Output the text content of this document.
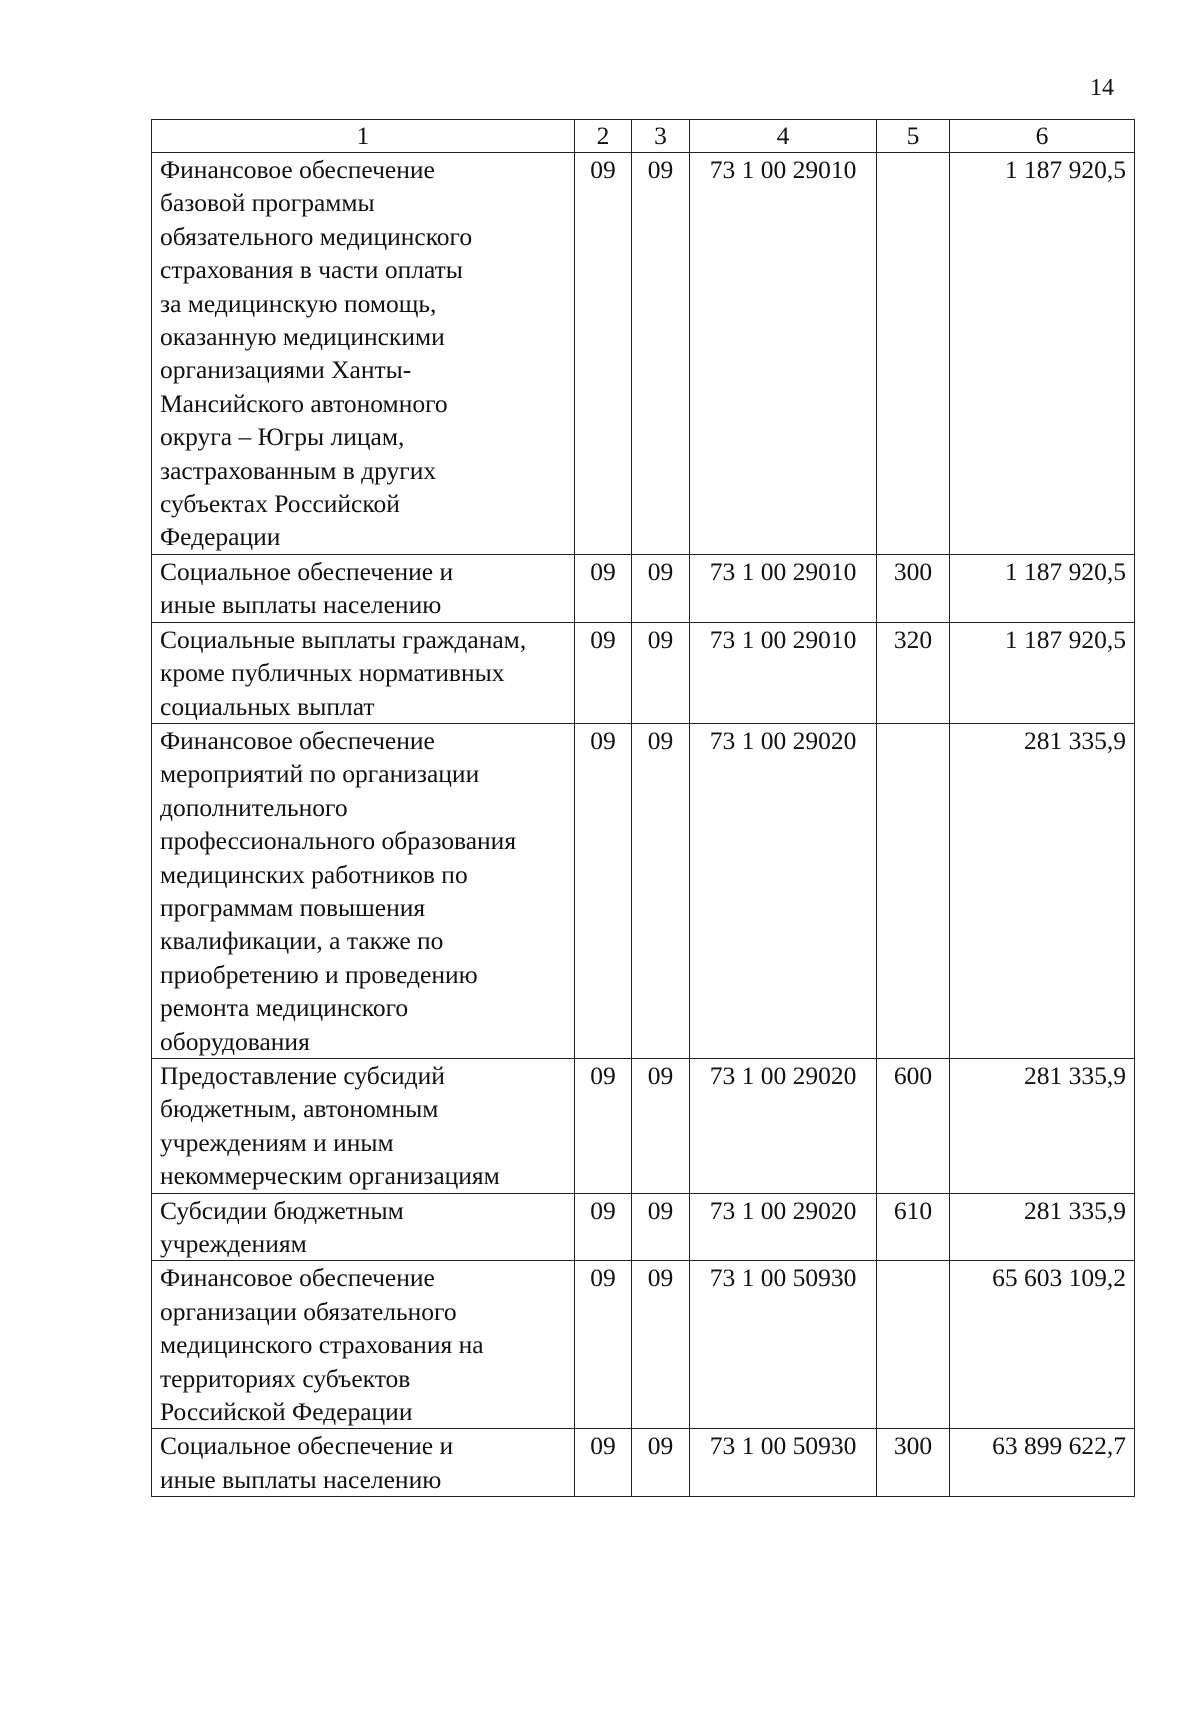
14
1	2	3	4	5	6

Финансовое обеспечение базовой программы обязательного медицинского страхования в части оплаты за медицинскую помощь, оказанную медицинскими организациями Ханты-Мансийского автономного округа – Югры лицам, застрахованным в других субъектах Российской Федерации	09	09	73 1 00 29010		1 187 920,5

Социальное обеспечение и иные выплаты населению	09	09	73 1 00 29010	300	1 187 920,5

Социальные выплаты гражданам, кроме публичных нормативных социальных выплат	09	09	73 1 00 29010	320	1 187 920,5

Финансовое обеспечение мероприятий по организации дополнительного профессионального образования медицинских работников по программам повышения квалификации, а также по приобретению и проведению ремонта медицинского оборудования	09	09	73 1 00 29020		281 335,9

Предоставление субсидий бюджетным, автономным учреждениям и иным некоммерческим организациям	09	09	73 1 00 29020	600	281 335,9

Субсидии бюджетным учреждениям	09	09	73 1 00 29020	610	281 335,9

Финансовое обеспечение организации обязательного медицинского страхования на территориях субъектов Российской Федерации	09	09	73 1 00 50930		65 603 109,2

Социальное обеспечение и иные выплаты населению	09	09	73 1 00 50930	300	63 899 622,7
